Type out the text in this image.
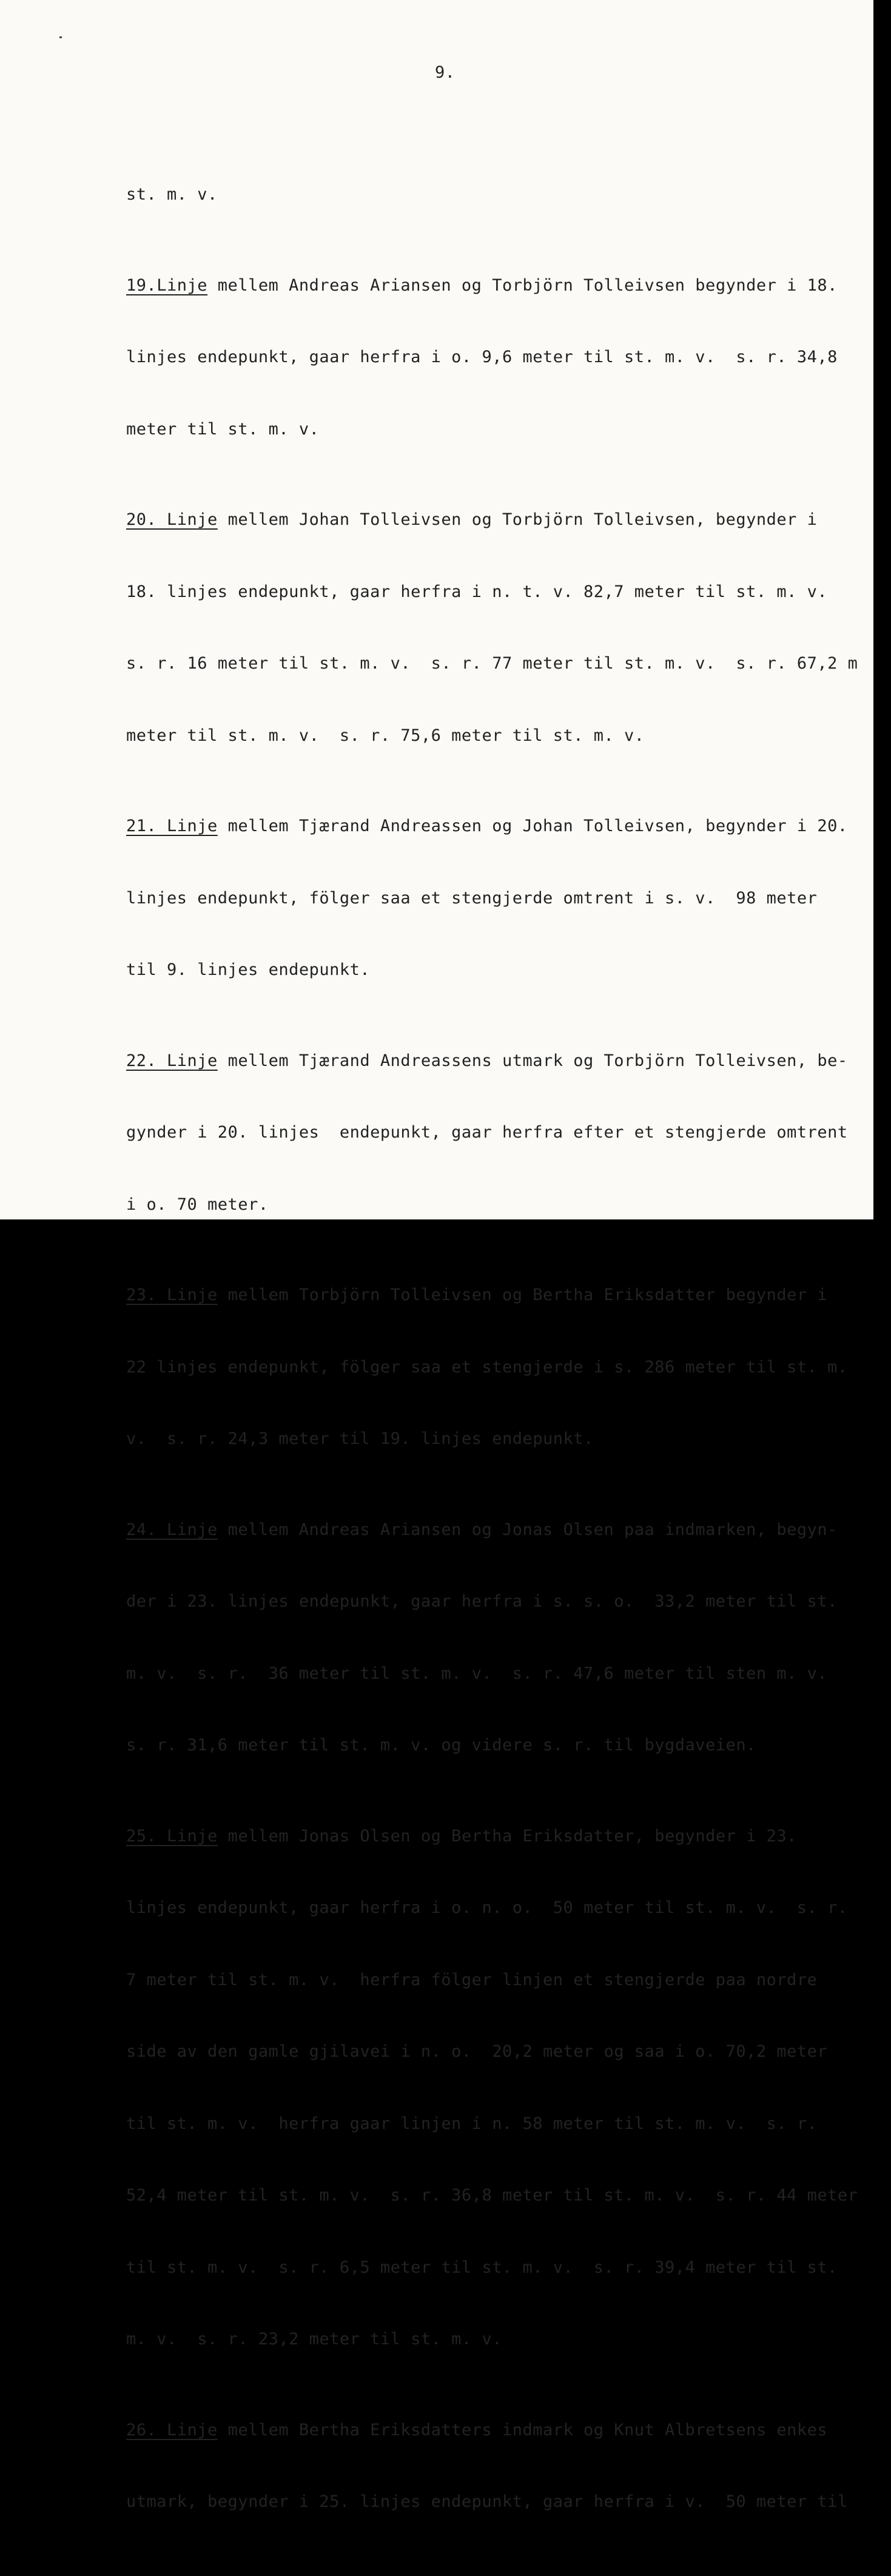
9.

st. m. v.

19.Linje mellem Andreas Ariansen og Torbjörn Tolleivsen begynder i 18.

linjes endepunkt, gaar herfra i o. 9,6 meter til st. m. v.  s. r. 34,8

meter til st. m. v.

20. Linje mellem Johan Tolleivsen og Torbjörn Tolleivsen, begynder i

18. linjes endepunkt, gaar herfra i n. t. v. 82,7 meter til st. m. v.

s. r. 16 meter til st. m. v.  s. r. 77 meter til st. m. v.  s. r. 67,2 m

meter til st. m. v.  s. r. 75,6 meter til st. m. v.

21. Linje mellem Tjærand Andreassen og Johan Tolleivsen, begynder i 20.

linjes endepunkt, fölger saa et stengjerde omtrent i s. v.  98 meter

til 9. linjes endepunkt.

22. Linje mellem Tjærand Andreassens utmark og Torbjörn Tolleivsen, be-

gynder i 20. linjes  endepunkt, gaar herfra efter et stengjerde omtrent

i o. 70 meter.

23. Linje mellem Torbjörn Tolleivsen og Bertha Eriksdatter begynder i

22 linjes endepunkt, fölger saa et stengjerde i s. 286 meter til st. m.

v.  s. r. 24,3 meter til 19. linjes endepunkt.

24. Linje mellem Andreas Ariansen og Jonas Olsen paa indmarken, begyn-

der i 23. linjes endepunkt, gaar herfra i s. s. o.  33,2 meter til st.

m. v.  s. r.  36 meter til st. m. v.  s. r. 47,6 meter til sten m. v.

s. r. 31,6 meter til st. m. v. og videre s. r. til bygdaveien.

25. Linje mellem Jonas Olsen og Bertha Eriksdatter, begynder i 23.

linjes endepunkt, gaar herfra i o. n. o.  50 meter til st. m. v.  s. r.

7 meter til st. m. v.  herfra fölger linjen et stengjerde paa nordre

side av den gamle gjilavei i n. o.  20,2 meter og saa i o. 70,2 meter

til st. m. v.  herfra gaar linjen i n. 58 meter til st. m. v.  s. r.

52,4 meter til st. m. v.  s. r. 36,8 meter til st. m. v.  s. r. 44 meter

til st. m. v.  s. r. 6,5 meter til st. m. v.  s. r. 39,4 meter til st.

m. v.  s. r. 23,2 meter til st. m. v.

26. Linje mellem Bertha Eriksdatters indmark og Knut Albretsens enkes

utmark, begynder i 25. linjes endepunkt, gaar herfra i v.  50 meter til
